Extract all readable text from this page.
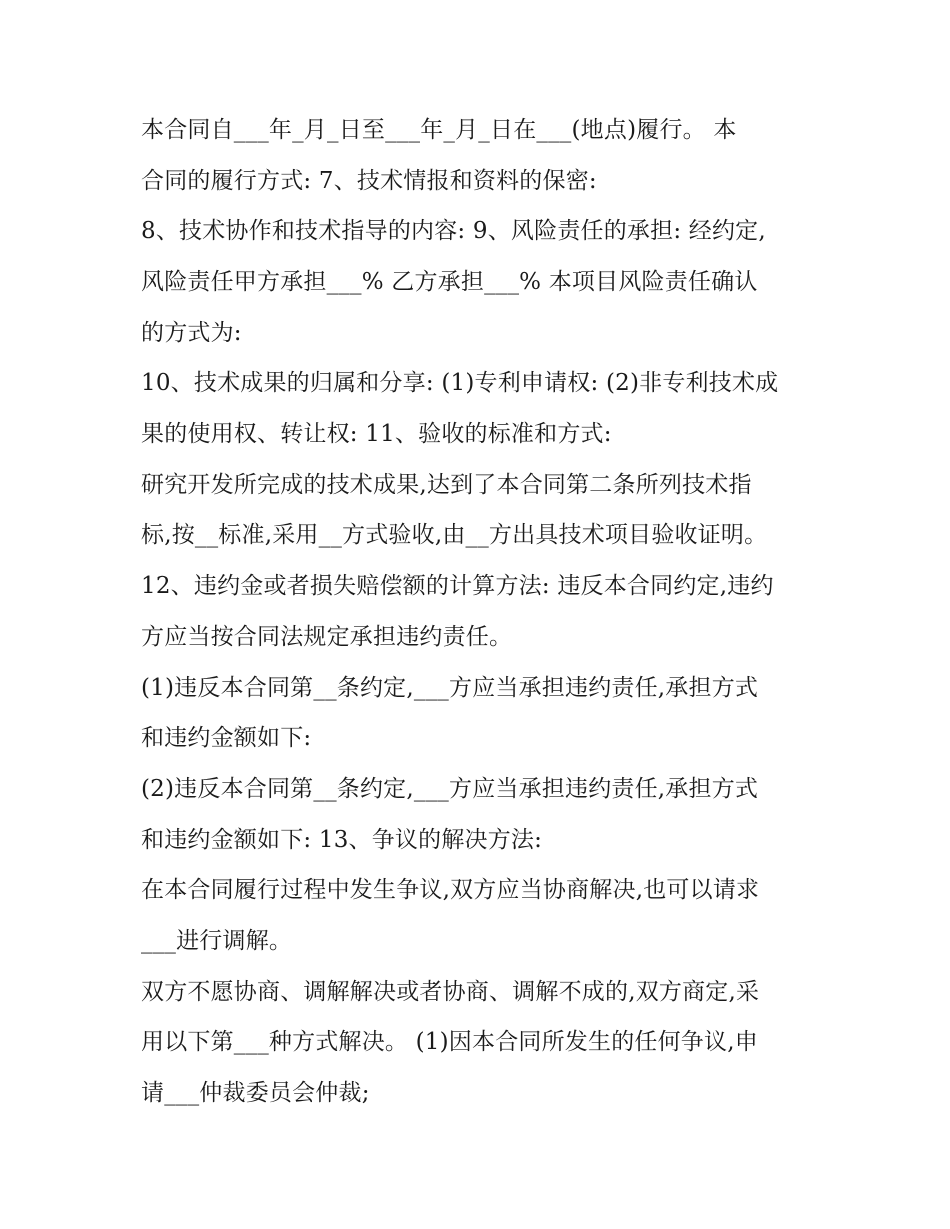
本合同自___年_月_日至___年_月_日在___(地点)履行。 本
合同的履行方式: 7、技术情报和资料的保密:
8、技术协作和技术指导的内容: 9、风险责任的承担: 经约定,
风险责任甲方承担___% 乙方承担___% 本项目风险责任确认
的方式为:
10、技术成果的归属和分享: (1)专利申请权: (2)非专利技术成
果的使用权、转让权: 11、验收的标准和方式:
研究开发所完成的技术成果,达到了本合同第二条所列技术指
标,按__标准,采用__方式验收,由__方出具技术项目验收证明。
12、违约金或者损失赔偿额的计算方法: 违反本合同约定,违约
方应当按合同法规定承担违约责任。
(1)违反本合同第__条约定,___方应当承担违约责任,承担方式
和违约金额如下:
(2)违反本合同第__条约定,___方应当承担违约责任,承担方式
和违约金额如下: 13、争议的解决方法:
在本合同履行过程中发生争议,双方应当协商解决,也可以请求
___进行调解。
双方不愿协商、调解解决或者协商、调解不成的,双方商定,采
用以下第___种方式解决。 (1)因本合同所发生的任何争议,申
请___仲裁委员会仲裁;
